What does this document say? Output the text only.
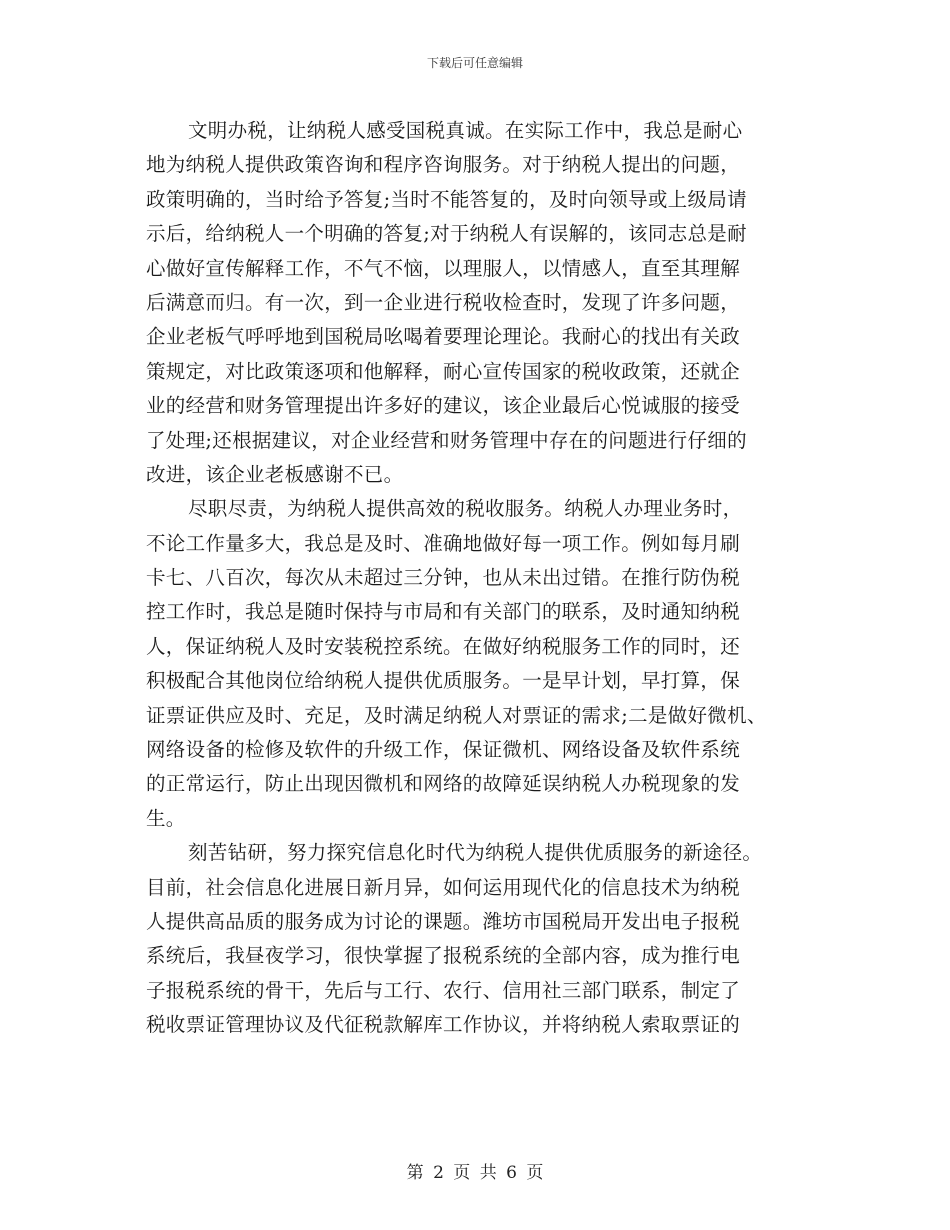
下载后可任意编辑
文明办税，让纳税人感受国税真诚。在实际工作中，我总是耐心
地为纳税人提供政策咨询和程序咨询服务。对于纳税人提出的问题，
政策明确的，当时给予答复;当时不能答复的，及时向领导或上级局请
示后，给纳税人一个明确的答复;对于纳税人有误解的，该同志总是耐
心做好宣传解释工作，不气不恼，以理服人，以情感人，直至其理解
后满意而归。有一次，到一企业进行税收检查时，发现了许多问题，
企业老板气呼呼地到国税局吆喝着要理论理论。我耐心的找出有关政
策规定，对比政策逐项和他解释，耐心宣传国家的税收政策，还就企
业的经营和财务管理提出许多好的建议，该企业最后心悦诚服的接受
了处理;还根据建议，对企业经营和财务管理中存在的问题进行仔细的
改进，该企业老板感谢不已。
尽职尽责，为纳税人提供高效的税收服务。纳税人办理业务时，
不论工作量多大，我总是及时、准确地做好每一项工作。例如每月刷
卡七、八百次，每次从未超过三分钟，也从未出过错。在推行防伪税
控工作时，我总是随时保持与市局和有关部门的联系，及时通知纳税
人，保证纳税人及时安装税控系统。在做好纳税服务工作的同时，还
积极配合其他岗位给纳税人提供优质服务。一是早计划，早打算，保
证票证供应及时、充足，及时满足纳税人对票证的需求;二是做好微机、
网络设备的检修及软件的升级工作，保证微机、网络设备及软件系统
的正常运行，防止出现因微机和网络的故障延误纳税人办税现象的发
生。
刻苦钻研，努力探究信息化时代为纳税人提供优质服务的新途径。
目前，社会信息化进展日新月异，如何运用现代化的信息技术为纳税
人提供高品质的服务成为讨论的课题。潍坊市国税局开发出电子报税
系统后，我昼夜学习，很快掌握了报税系统的全部内容，成为推行电
子报税系统的骨干，先后与工行、农行、信用社三部门联系，制定了
税收票证管理协议及代征税款解库工作协议，并将纳税人索取票证的
第 2 页 共 6 页
